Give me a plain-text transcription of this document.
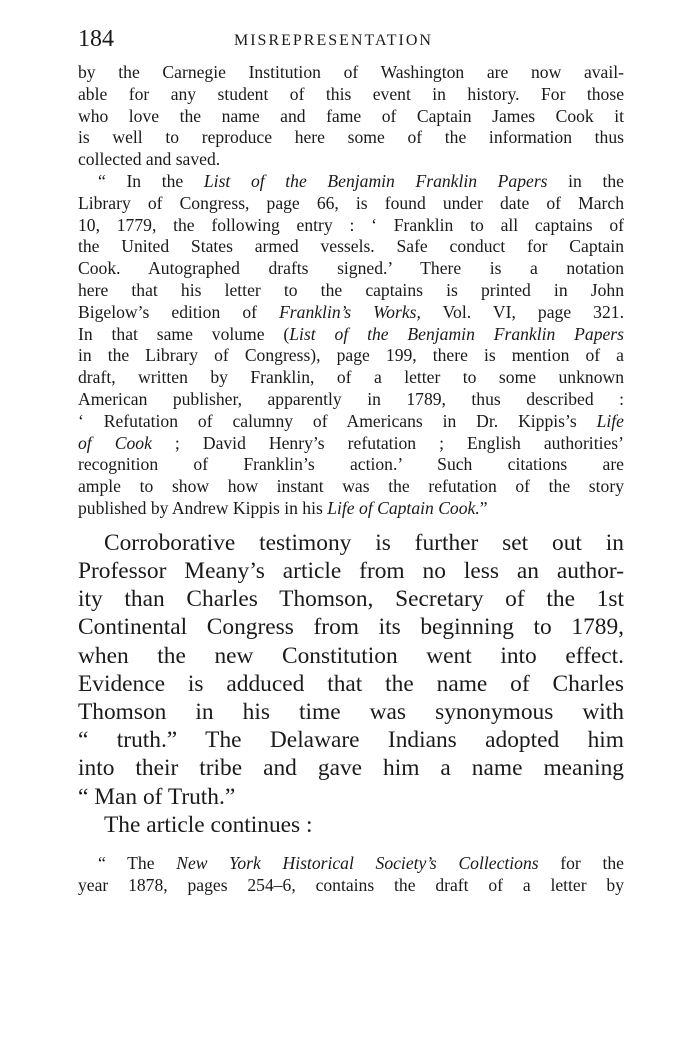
184	MISREPRESENTATION

by the Carnegie Institution of Washington are now avail-
able for any student of this event in history. For those
who love the name and fame of Captain James Cook it
is well to reproduce here some of the information thus
collected and saved.

“ In the List of the Benjamin Franklin Papers in the
Library of Congress, page 66, is found under date of March
10, 1779, the following entry : ‘ Franklin to all captains of
the United States armed vessels. Safe conduct for Captain
Cook. Autographed drafts signed.’ There is a notation
here that his letter to the captains is printed in John
Bigelow’s edition of Franklin’s Works, Vol. VI, page 321.
In that same volume (List of the Benjamin Franklin Papers
in the Library of Congress), page 199, there is mention of a
draft, written by Franklin, of a letter to some unknown
American publisher, apparently in 1789, thus described :
‘ Refutation of calumny of Americans in Dr. Kippis’s Life
of Cook ; David Henry’s refutation ; English authorities’
recognition of Franklin’s action.’ Such citations are
ample to show how instant was the refutation of the story
published by Andrew Kippis in his Life of Captain Cook.”

Corroborative testimony is further set out in
Professor Meany’s article from no less an author-
ity than Charles Thomson, Secretary of the 1st
Continental Congress from its beginning to 1789,
when the new Constitution went into effect.
Evidence is adduced that the name of Charles
Thomson in his time was synonymous with
“ truth.” The Delaware Indians adopted him
into their tribe and gave him a name meaning
“ Man of Truth.”

The article continues :

“ The New York Historical Society’s Collections for the
year 1878, pages 254–6, contains the draft of a letter by
